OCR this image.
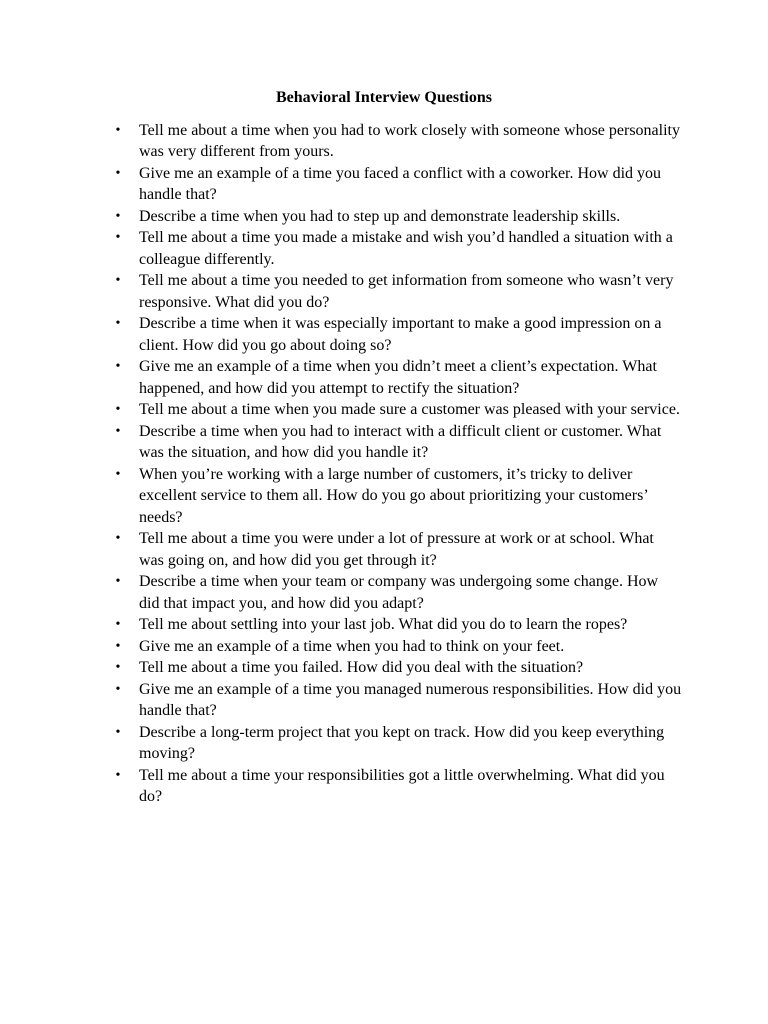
Behavioral Interview Questions
• Tell me about a time when you had to work closely with someone whose personality was very different from yours.
• Give me an example of a time you faced a conflict with a coworker. How did you handle that?
• Describe a time when you had to step up and demonstrate leadership skills.
• Tell me about a time you made a mistake and wish you’d handled a situation with a colleague differently.
• Tell me about a time you needed to get information from someone who wasn’t very responsive. What did you do?
• Describe a time when it was especially important to make a good impression on a client. How did you go about doing so?
• Give me an example of a time when you didn’t meet a client’s expectation. What happened, and how did you attempt to rectify the situation?
• Tell me about a time when you made sure a customer was pleased with your service.
• Describe a time when you had to interact with a difficult client or customer. What was the situation, and how did you handle it?
• When you’re working with a large number of customers, it’s tricky to deliver excellent service to them all. How do you go about prioritizing your customers’ needs?
• Tell me about a time you were under a lot of pressure at work or at school. What was going on, and how did you get through it?
• Describe a time when your team or company was undergoing some change. How did that impact you, and how did you adapt?
• Tell me about settling into your last job. What did you do to learn the ropes?
• Give me an example of a time when you had to think on your feet.
• Tell me about a time you failed. How did you deal with the situation?
• Give me an example of a time you managed numerous responsibilities. How did you handle that?
• Describe a long-term project that you kept on track. How did you keep everything moving?
• Tell me about a time your responsibilities got a little overwhelming. What did you do?
